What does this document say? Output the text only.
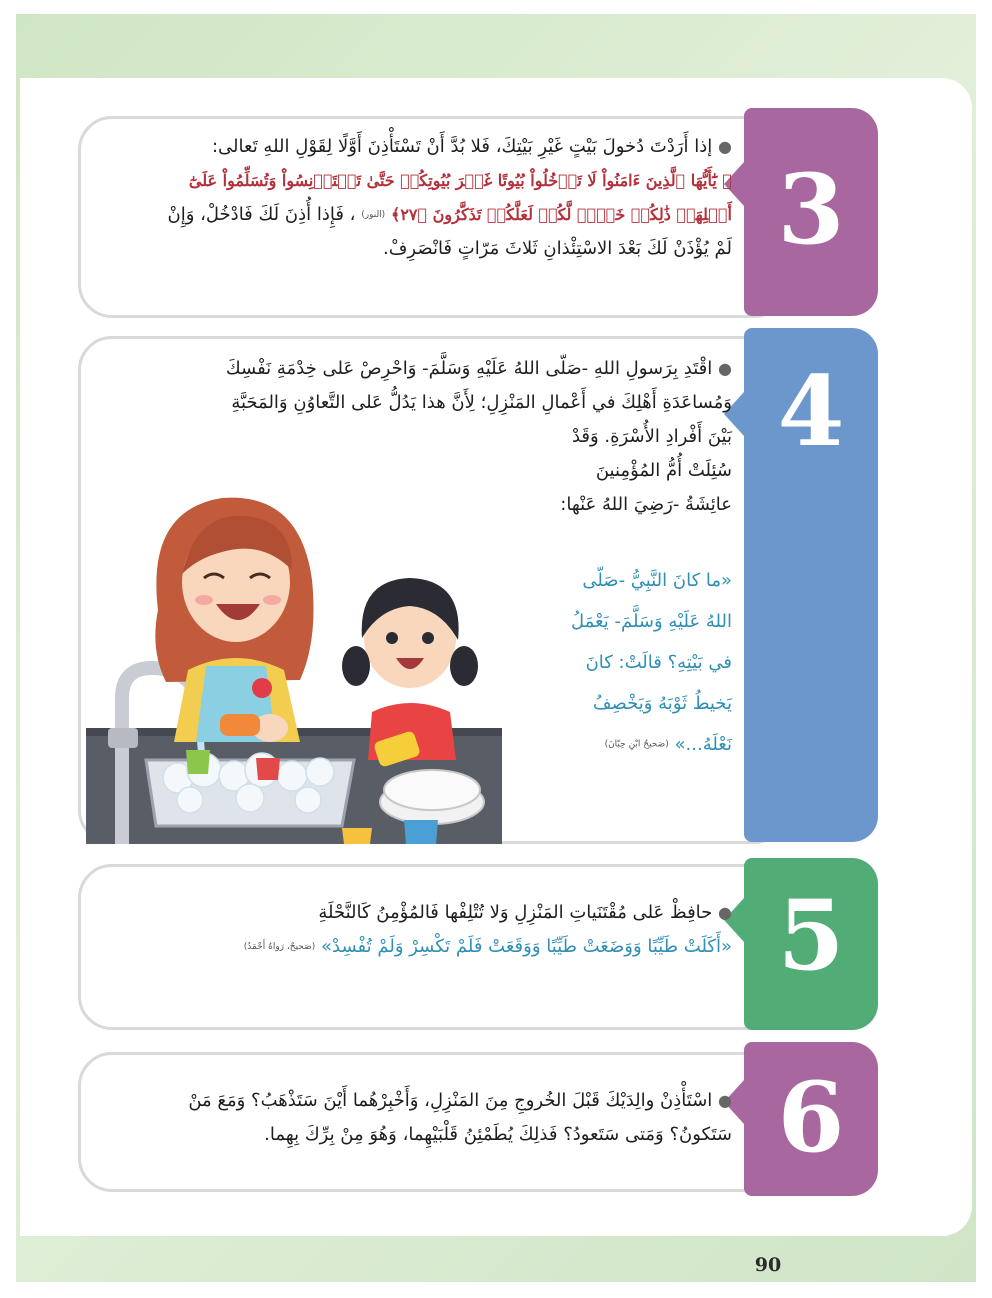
3
● إذا أَرَدْتَ دُخولَ بَيْتٍ غَيْرِ بَيْتِكَ، فَلا بُدَّ أَنْ تَسْتَأْذِنَ أَوَّلًا لِقَوْلِ اللهِ تَعالى:
﴿ يَٰٓأَيُّهَا ٱلَّذِينَ ءَامَنُواْ لَا تَدۡخُلُواْ بُيُوتًا غَيۡرَ بُيُوتِكُمۡ حَتَّىٰ تَسۡتَأۡنِسُواْ وَتُسَلِّمُواْ عَلَىٰٓ
أَهۡلِهَاۚ ذَٰلِكُمۡ خَيۡرٞ لَّكُمۡ لَعَلَّكُمۡ تَذَكَّرُونَ ﴿٢٧﴾ (النور) ، فَإِذا أُذِنَ لَكَ فَادْخُلْ، وَإِنْ
لَمْ يُؤْذَنْ لَكَ بَعْدَ الاسْتِئْذانِ ثَلاثَ مَرّاتٍ فَانْصَرِفْ.
4
● اقْتَدِ بِرَسولِ اللهِ -صَلّى اللهُ عَلَيْهِ وَسَلَّمَ- وَاحْرِصْ عَلى خِدْمَةِ نَفْسِكَ
وَمُساعَدَةِ أَهْلِكَ في أَعْمالِ المَنْزِلِ؛ لِأَنَّ هذا يَدُلُّ عَلى التَّعاوُنِ وَالمَحَبَّةِ
بَيْنَ أَفْرادِ الأُسْرَةِ. وَقَدْ
سُئِلَتْ أُمُّ المُؤْمِنينَ
عائِشَةُ -رَضِيَ اللهُ عَنْها:
«ما كانَ النَّبِيُّ -صَلّى
اللهُ عَلَيْهِ وَسَلَّمَ- يَعْمَلُ
في بَيْتِهِ؟ قالَتْ: كانَ
يَخيطُ ثَوْبَهُ وَيَخْصِفُ
نَعْلَهُ...» (صَحيحُ ابْنِ حِبّانَ)
5
● حافِظْ عَلى مُقْتَنَياتِ المَنْزِلِ وَلا تُتْلِفْها فَالمُؤْمِنُ كَالنَّحْلَةِ
«أَكَلَتْ طَيِّبًا وَوَضَعَتْ طَيِّبًا وَوَقَعَتْ فَلَمْ تَكْسِرْ وَلَمْ تُفْسِدْ» (صَحيحٌ، رَواهُ أَحْمَدُ)
6
● اسْتَأْذِنْ والِدَيْكَ قَبْلَ الخُروجِ مِنَ المَنْزِلِ، وَأَخْبِرْهُما أَيْنَ سَتَذْهَبُ؟ وَمَعَ مَنْ
سَتَكونُ؟ وَمَتى سَتَعودُ؟ فَذلِكَ يُطَمْئِنُ قَلْبَيْهِما، وَهُوَ مِنْ بِرِّكَ بِهِما.
90
